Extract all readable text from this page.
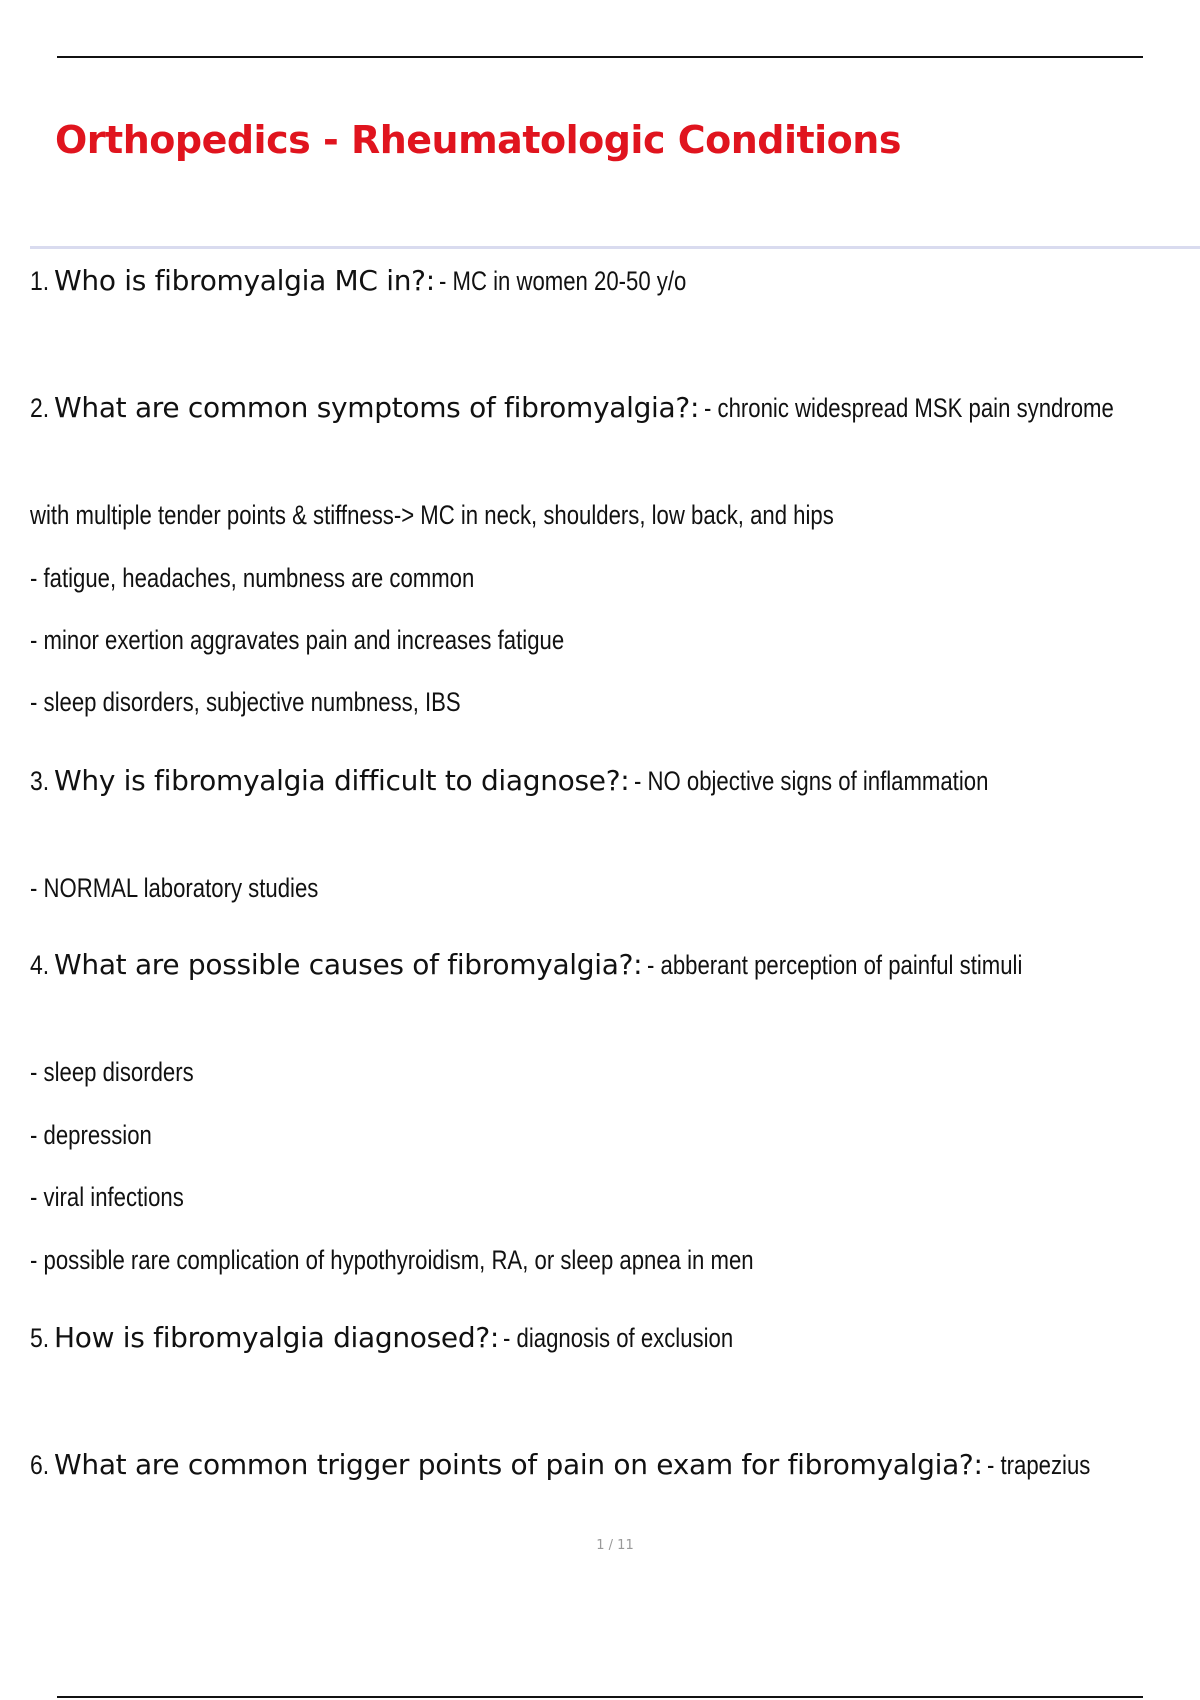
Orthopedics - Rheumatologic Conditions
1. Who is fibromyalgia MC in?: - MC in women 20-50 y/o
2. What are common symptoms of fibromyalgia?: - chronic widespread MSK pain syndrome
with multiple tender points & stiffness-> MC in neck, shoulders, low back, and hips
- fatigue, headaches, numbness are common
- minor exertion aggravates pain and increases fatigue
- sleep disorders, subjective numbness, IBS
3. Why is fibromyalgia difficult to diagnose?: - NO objective signs of inflammation
- NORMAL laboratory studies
4. What are possible causes of fibromyalgia?: - abberant perception of painful stimuli
- sleep disorders
- depression
- viral infections
- possible rare complication of hypothyroidism, RA, or sleep apnea in men
5. How is fibromyalgia diagnosed?: - diagnosis of exclusion
6. What are common trigger points of pain on exam for fibromyalgia?: - trapezius
1 / 11
